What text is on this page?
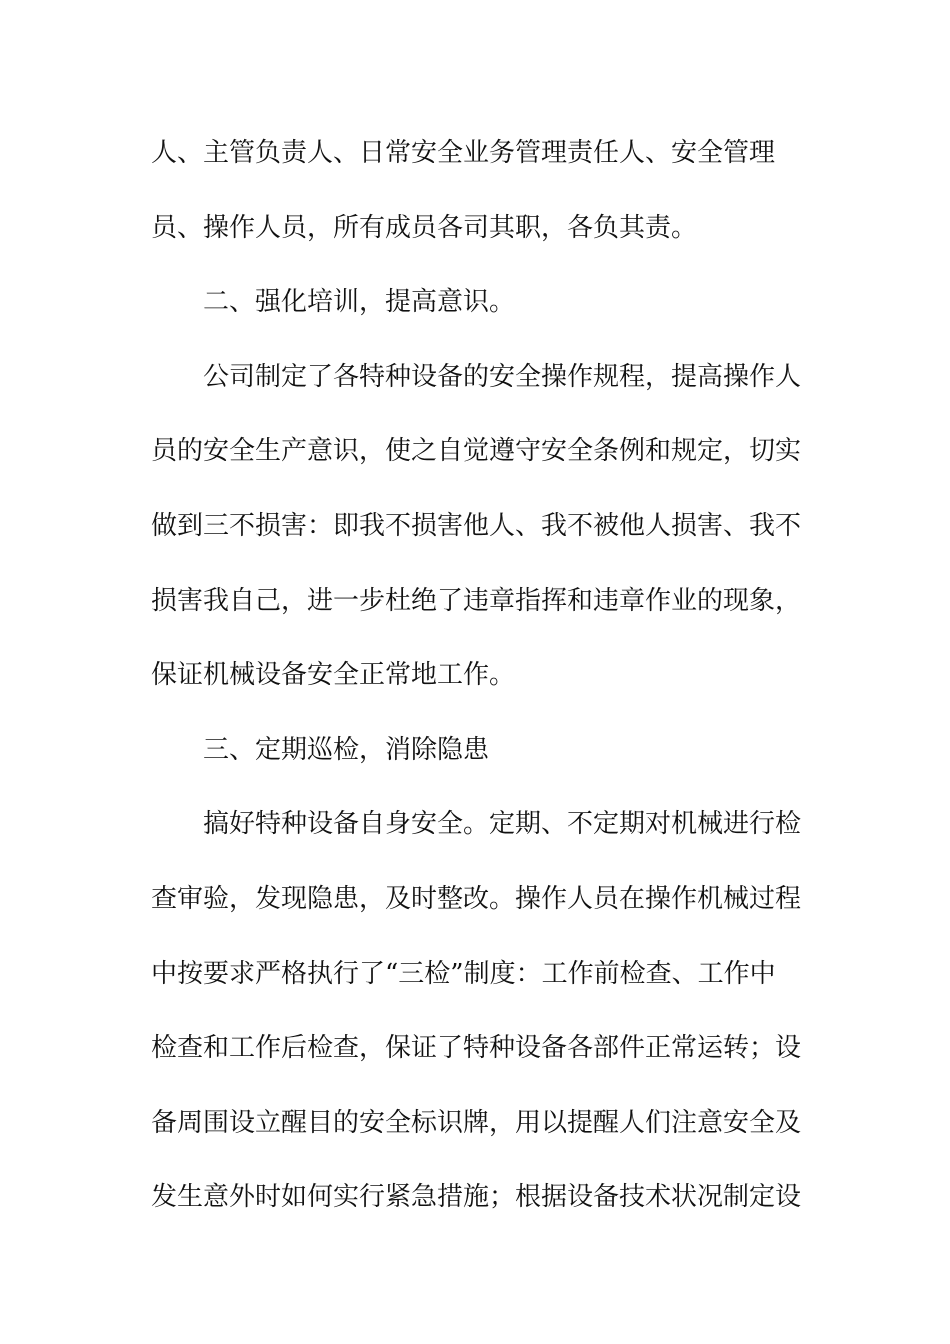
人、主管负责人、日常安全业务管理责任人、安全管理
员、操作人员，所有成员各司其职，各负其责。
二、强化培训，提高意识。
公司制定了各特种设备的安全操作规程，提高操作人
员的安全生产意识，使之自觉遵守安全条例和规定，切实
做到三不损害：即我不损害他人、我不被他人损害、我不
损害我自己，进一步杜绝了违章指挥和违章作业的现象，
保证机械设备安全正常地工作。
三、定期巡检，消除隐患
搞好特种设备自身安全。定期、不定期对机械进行检
查审验，发现隐患，及时整改。操作人员在操作机械过程
中按要求严格执行了“三检”制度：工作前检查、工作中
检查和工作后检查，保证了特种设备各部件正常运转；设
备周围设立醒目的安全标识牌，用以提醒人们注意安全及
发生意外时如何实行紧急措施；根据设备技术状况制定设
